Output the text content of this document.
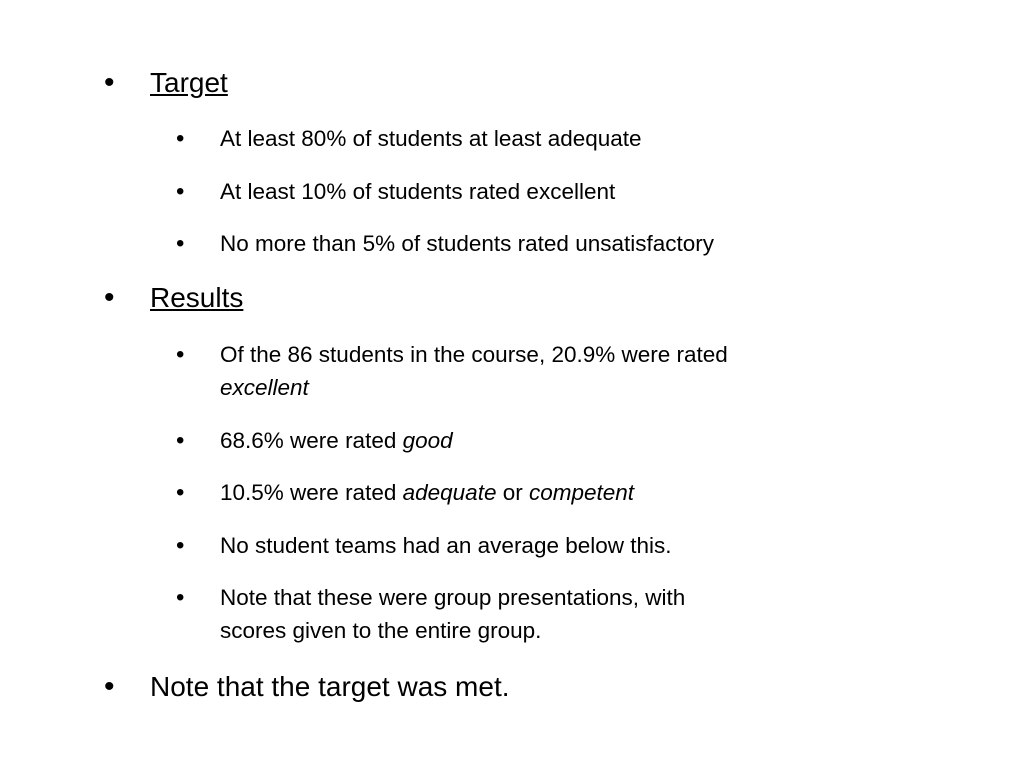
• Target
• At least 80% of students at least adequate
• At least 10% of students rated excellent
• No more than 5% of students rated unsatisfactory
• Results
• Of the 86 students in the course, 20.9% were rated
excellent
• 68.6% were rated good
• 10.5% were rated adequate or competent
• No student teams had an average below this.
• Note that these were group presentations, with
scores given to the entire group.
• Note that the target was met.
